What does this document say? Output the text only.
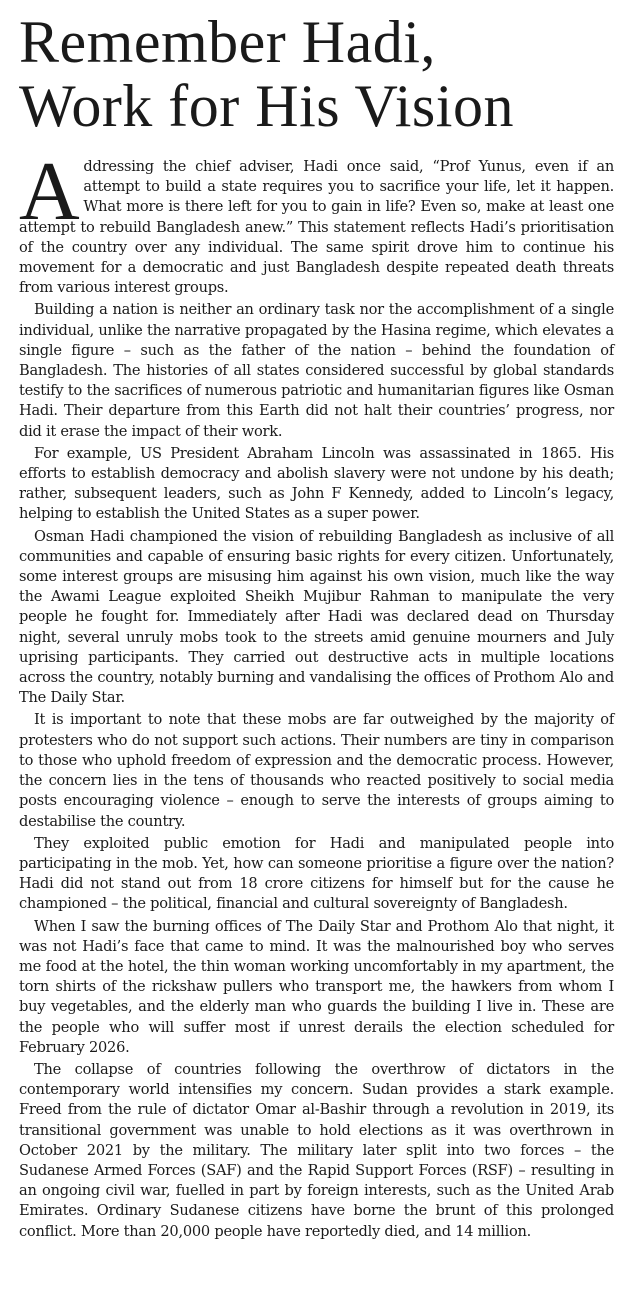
Remember Hadi,
Work for His Vision

Addressing the chief adviser, Hadi once said, “Prof Yunus, even if an attempt to build a state requires you to sacrifice your life, let it happen. What more is there left for you to gain in life? Even so, make at least one attempt to rebuild Bangladesh anew.” This statement reflects Hadi’s prioritisation of the country over any individual. The same spirit drove him to continue his movement for a democratic and just Bangladesh despite repeated death threats from various interest groups.

Building a nation is neither an ordinary task nor the accomplishment of a single individual, unlike the narrative propagated by the Hasina regime, which elevates a single figure – such as the father of the nation – behind the foundation of Bangladesh. The histories of all states considered successful by global standards testify to the sacrifices of numerous patriotic and humanitarian figures like Osman Hadi. Their departure from this Earth did not halt their countries’ progress, nor did it erase the impact of their work.

For example, US President Abraham Lincoln was assassinated in 1865. His efforts to establish democracy and abolish slavery were not undone by his death; rather, subsequent leaders, such as John F Kennedy, added to Lincoln’s legacy, helping to establish the United States as a super power.

Osman Hadi championed the vision of rebuilding Bangladesh as inclusive of all communities and capable of ensuring basic rights for every citizen. Unfortunately, some interest groups are misusing him against his own vision, much like the way the Awami League exploited Sheikh Mujibur Rahman to manipulate the very people he fought for. Immediately after Hadi was declared dead on Thursday night, several unruly mobs took to the streets amid genuine mourners and July uprising participants. They carried out destructive acts in multiple locations across the country, notably burning and vandalising the offices of Prothom Alo and The Daily Star.

It is important to note that these mobs are far outweighed by the majority of protesters who do not support such actions. Their numbers are tiny in comparison to those who uphold freedom of expression and the democratic process. However, the concern lies in the tens of thousands who reacted positively to social media posts encouraging violence – enough to serve the interests of groups aiming to destabilise the country.

They exploited public emotion for Hadi and manipulated people into participating in the mob. Yet, how can someone prioritise a figure over the nation? Hadi did not stand out from 18 crore citizens for himself but for the cause he championed – the political, financial and cultural sovereignty of Bangladesh.

When I saw the burning offices of The Daily Star and Prothom Alo that night, it was not Hadi’s face that came to mind. It was the malnourished boy who serves me food at the hotel, the thin woman working uncomfortably in my apartment, the torn shirts of the rickshaw pullers who transport me, the hawkers from whom I buy vegetables, and the elderly man who guards the building I live in. These are the people who will suffer most if unrest derails the election scheduled for February 2026.

The collapse of countries following the overthrow of dictators in the contemporary world intensifies my concern. Sudan provides a stark example. Freed from the rule of dictator Omar al-Bashir through a revolution in 2019, its transitional government was unable to hold elections as it was overthrown in October 2021 by the military. The military later split into two forces – the Sudanese Armed Forces (SAF) and the Rapid Support Forces (RSF) – resulting in an ongoing civil war, fuelled in part by foreign interests, such as the United Arab Emirates. Ordinary Sudanese citizens have borne the brunt of this prolonged conflict. More than 20,000 people have reportedly died, and 14 million.
